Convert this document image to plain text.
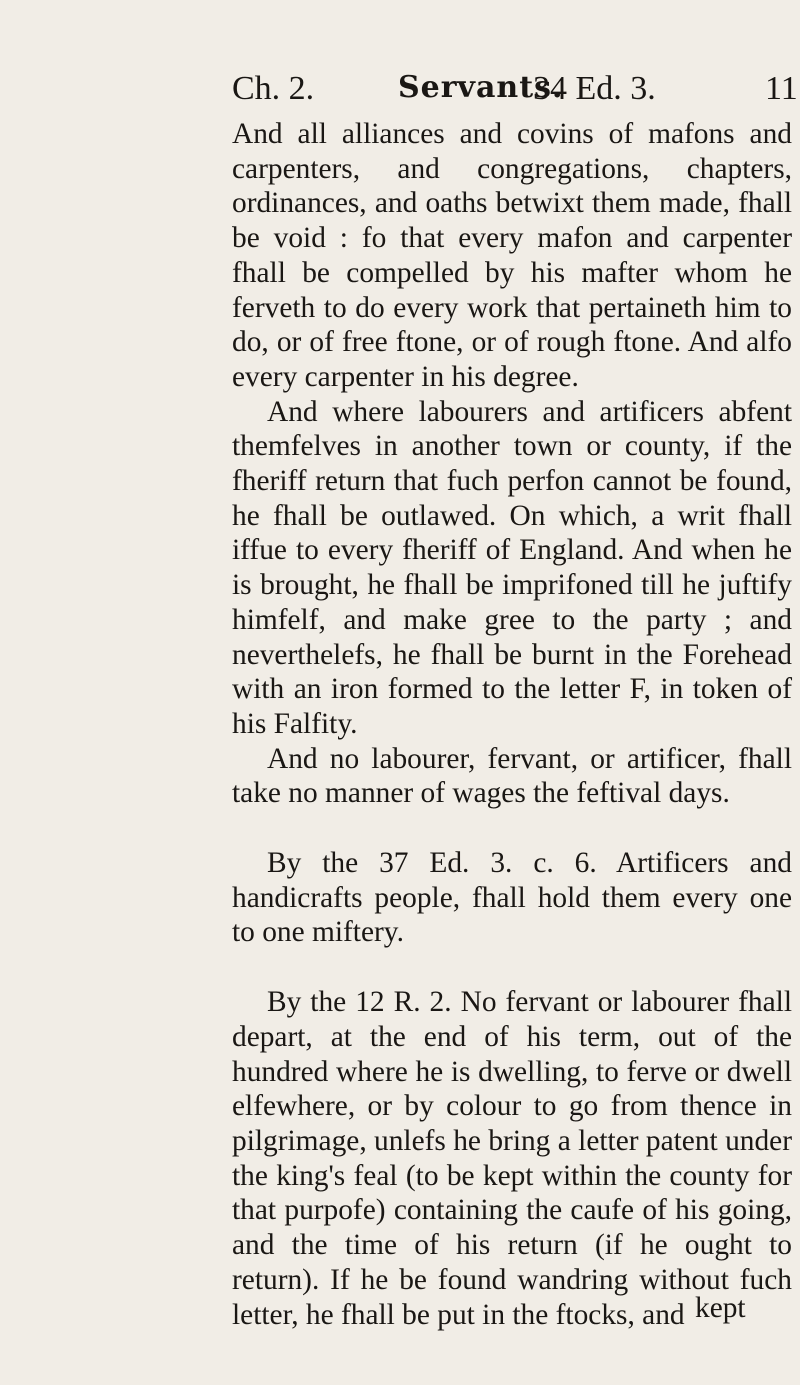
Ch. 2.	Servants.
34 Ed. 3.	11

And all alliances and covins of mafons and carpenters, and congregations, chapters, ordinances, and oaths betwixt them made, fhall be void : fo that every mafon and carpenter fhall be compelled by his mafter whom he ferveth to do every work that pertaineth him to do, or of free ftone, or of rough ftone. And alfo every carpenter in his degree.

And where labourers and artificers abfent themfelves in another town or county, if the fheriff return that fuch perfon cannot be found, he fhall be outlawed. On which, a writ fhall iffue to every fheriff of England. And when he is brought, he fhall be imprifoned till he juftify himfelf, and make gree to the party ; and neverthelefs, he fhall be burnt in the Forehead with an iron formed to the letter F, in token of his Falfity.

And no labourer, fervant, or artificer, fhall take no manner of wages the feftival days.

By the 37 Ed. 3. c. 6. Artificers and handicrafts people, fhall hold them every one to one miftery.

By the 12 R. 2. No fervant or labourer fhall depart, at the end of his term, out of the hundred where he is dwelling, to ferve or dwell elfewhere, or by colour to go from thence in pilgrimage, unlefs he bring a letter patent under the king's feal (to be kept within the county for that purpofe) containing the caufe of his going, and the time of his return (if he ought to return). If he be found wandring without fuch letter, he fhall be put in the ftocks, and kept
